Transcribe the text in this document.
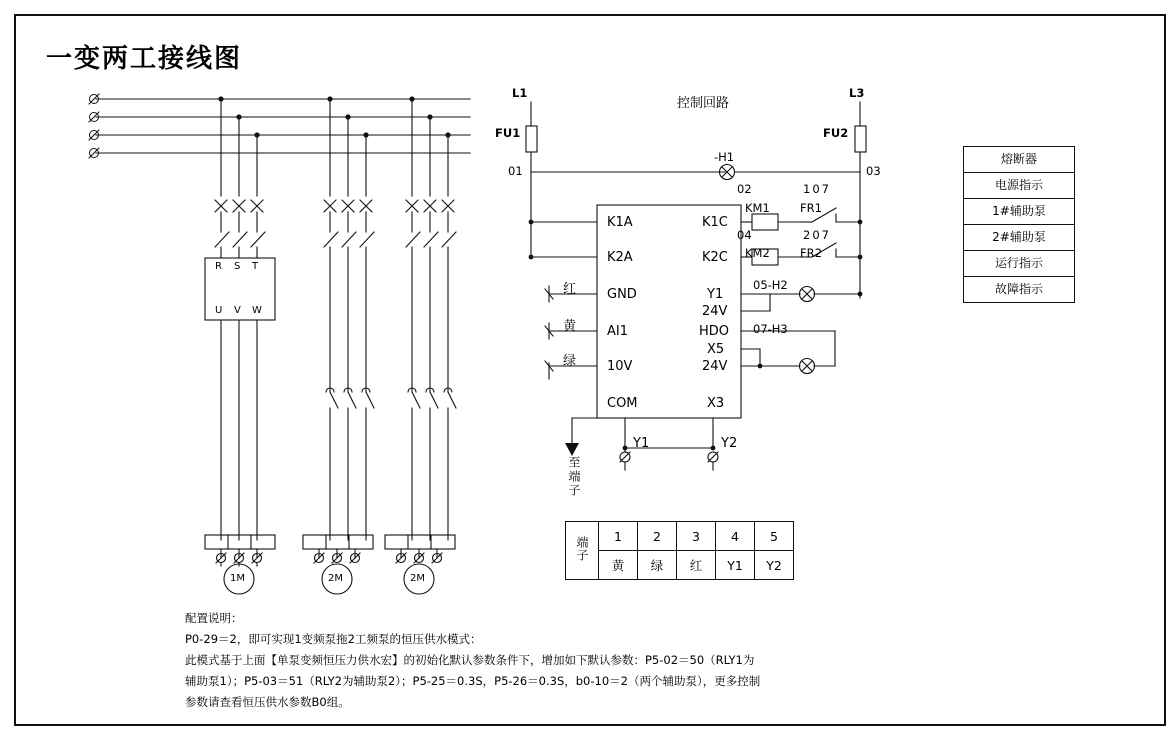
一变两工接线图
L1	L3
FU1	FU2
控制回路
01
-H1
02	107
03
04	207
KM1	FR1
KM2	FR2
05-H2
07-H3
K1A
K2A
GND
AI1
10V
COM
K1C
K2C
Y1
24V
HDO
X5
24V
X3
红
黄
绿
Y1	Y2
至端子
R S T
U V W
1M	2M	2M
熔断器
电源指示
1#辅助泵
2#辅助泵
运行指示
故障指示
端子	1	2	3	4	5
	黄	绿	红	Y1	Y2
配置说明：
P0-29＝2，即可实现1变频泵拖2工频泵的恒压供水模式：
此模式基于上面【单泵变频恒压力供水宏】的初始化默认参数条件下，增加如下默认参数：P5-02＝50（RLY1为
辅助泵1）；P5-03＝51（RLY2为辅助泵2）；P5-25＝0.3S，P5-26＝0.3S，b0-10＝2（两个辅助泵），更多控制
参数请查看恒压供水参数B0组。
